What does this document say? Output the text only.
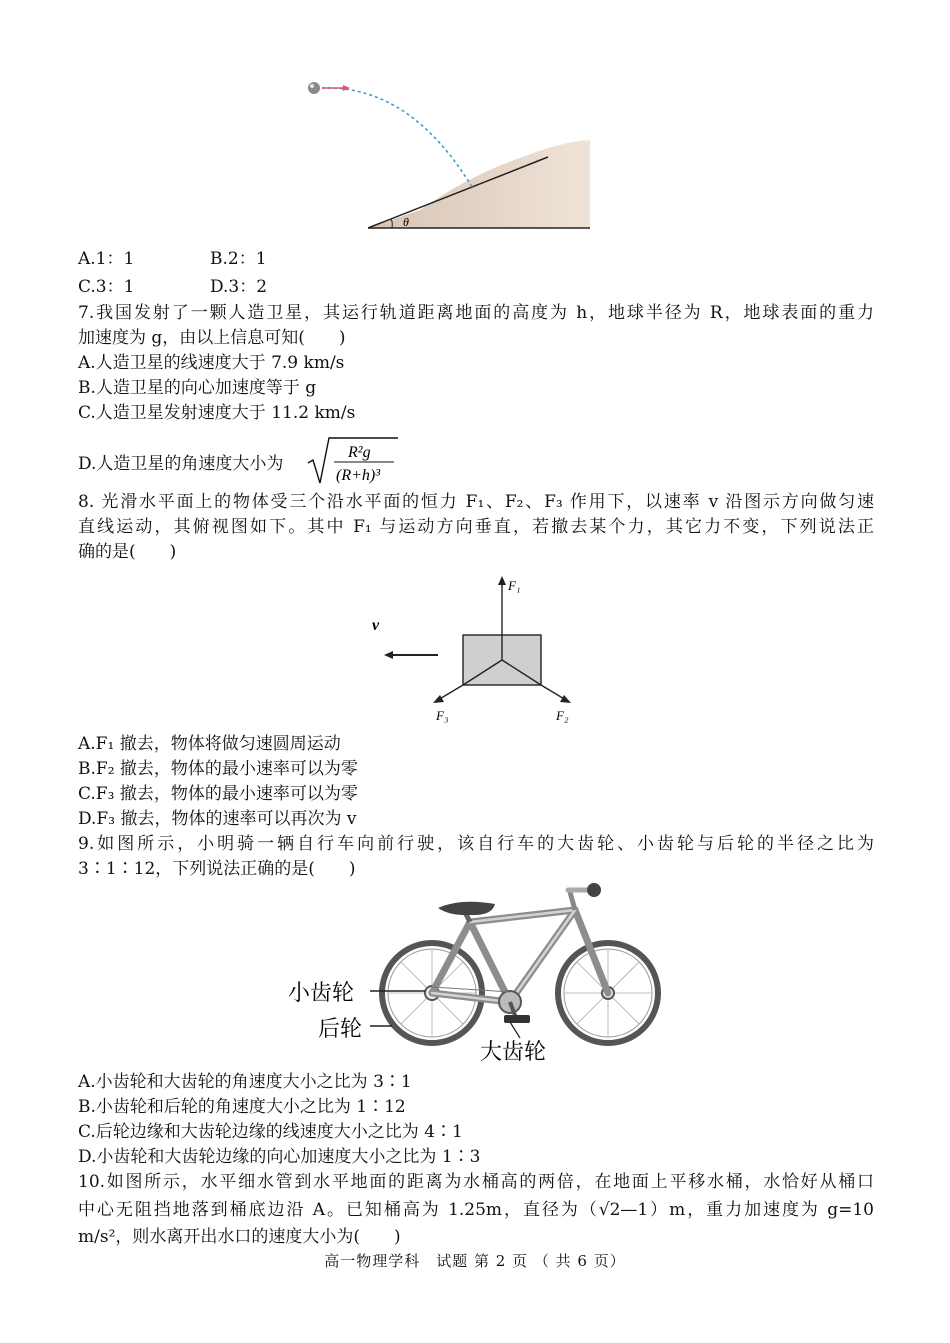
θ
A.1：1	B.2：1
C.3：1	D.3：2
7.我国发射了一颗人造卫星，其运行轨道距离地面的高度为 h，地球半径为 R，地球表面的重力
加速度为 g，由以上信息可知(　　)
A.人造卫星的线速度大于 7.9 km/s
B.人造卫星的向心加速度等于 g
C.人造卫星发射速度大于 11.2 km/s
D.人造卫星的角速度大小为
R²g
(R+h)³
8. 光滑水平面上的物体受三个沿水平面的恒力 F₁、F₂、F₃ 作用下，以速率 v 沿图示方向做匀速
直线运动，其俯视图如下。其中 F₁ 与运动方向垂直，若撤去某个力，其它力不变，下列说法正
确的是(　　)
v
F₁
F₃	F₂
A.F₁ 撤去，物体将做匀速圆周运动
B.F₂ 撤去，物体的最小速率可以为零
C.F₃ 撤去，物体的最小速率可以为零
D.F₃ 撤去，物体的速率可以再次为 v
9.如图所示，小明骑一辆自行车向前行驶，该自行车的大齿轮、小齿轮与后轮的半径之比为
3∶1∶12，下列说法正确的是(　　)
小齿轮
后轮
大齿轮
A.小齿轮和大齿轮的角速度大小之比为 3∶1
B.小齿轮和后轮的角速度大小之比为 1∶12
C.后轮边缘和大齿轮边缘的线速度大小之比为 4∶1
D.小齿轮和大齿轮边缘的向心加速度大小之比为 1∶3
10.如图所示，水平细水管到水平地面的距离为水桶高的两倍，在地面上平移水桶，水恰好从桶口
中心无阻挡地落到桶底边沿 A。已知桶高为 1.25m，直径为（√2—1）m，重力加速度为 g=10
m/s²，则水离开出水口的速度大小为(　　)
高一物理学科　试题 第 2 页 （ 共 6 页）
